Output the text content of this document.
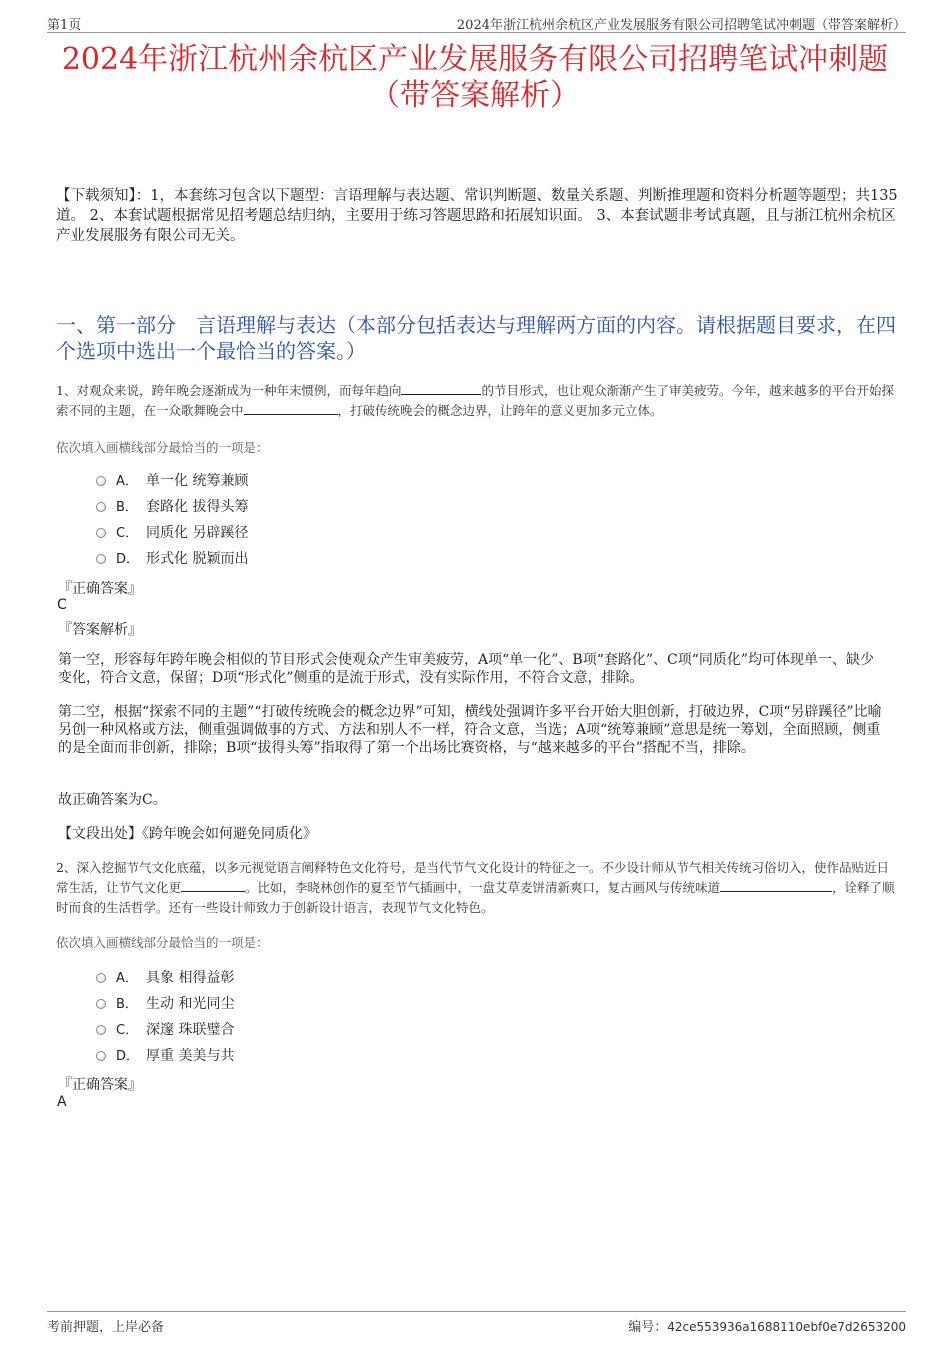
第1页	2024年浙江杭州余杭区产业发展服务有限公司招聘笔试冲刺题（带答案解析）
2024年浙江杭州余杭区产业发展服务有限公司招聘笔试冲刺题
（带答案解析）
【下载须知】：1，本套练习包含以下题型：言语理解与表达题、常识判断题、数量关系题、判断推理题和资料分析题等题型；共135道。 2、本套试题根据常见招考题总结归纳，主要用于练习答题思路和拓展知识面。 3、本套试题非考试真题，且与浙江杭州余杭区产业发展服务有限公司无关。
一、第一部分　言语理解与表达（本部分包括表达与理解两方面的内容。请根据题目要求，在四个选项中选出一个最恰当的答案。）
1、对观众来说，跨年晚会逐渐成为一种年末惯例，而每年趋向	的节目形式，也让观众渐渐产生了审美疲劳。今年，越来越多的平台开始探索不同的主题，在一众歌舞晚会中	，打破传统晚会的概念边界，让跨年的意义更加多元立体。
依次填入画横线部分最恰当的一项是：
A． 单一化 统筹兼顾
B． 套路化 拔得头筹
C． 同质化 另辟蹊径
D． 形式化 脱颖而出
『正确答案』
C
『答案解析』
第一空，形容每年跨年晚会相似的节目形式会使观众产生审美疲劳，A项“单一化”、B项“套路化”、C项“同质化”均可体现单一、缺少变化，符合文意，保留；D项“形式化”侧重的是流于形式，没有实际作用，不符合文意，排除。
第二空，根据“探索不同的主题”“打破传统晚会的概念边界”可知，横线处强调许多平台开始大胆创新，打破边界，C项“另辟蹊径”比喻另创一种风格或方法，侧重强调做事的方式、方法和别人不一样，符合文意，当选；A项“统筹兼顾”意思是统一筹划，全面照顾，侧重的是全面而非创新，排除；B项“拔得头筹”指取得了第一个出场比赛资格，与“越来越多的平台”搭配不当，排除。
故正确答案为C。
【文段出处】《跨年晚会如何避免同质化》
2、深入挖掘节气文化底蕴，以多元视觉语言阐释特色文化符号，是当代节气文化设计的特征之一。不少设计师从节气相关传统习俗切入，使作品贴近日常生活，让节气文化更	。比如，李晓林创作的夏至节气插画中，一盘艾草麦饼清新爽口，复古画风与传统味道	，诠释了顺时而食的生活哲学。还有一些设计师致力于创新设计语言，表现节气文化特色。
依次填入画横线部分最恰当的一项是：
A． 具象 相得益彰
B． 生动 和光同尘
C． 深邃 珠联璧合
D． 厚重 美美与共
『正确答案』
A
考前押题，上岸必备	编号：42ce553936a1688110ebf0e7d2653200
